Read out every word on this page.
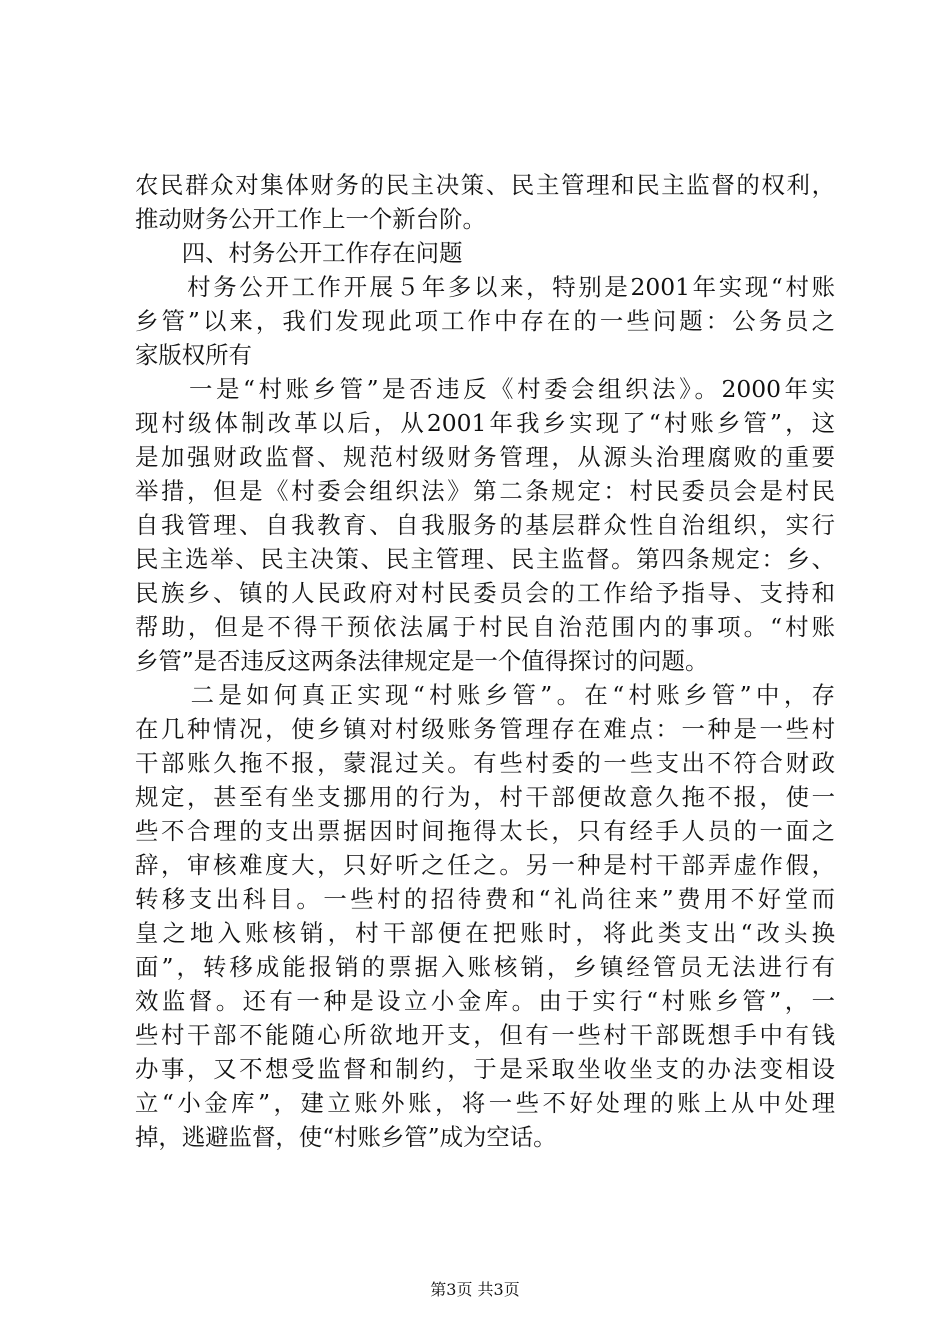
农民群众对集体财务的民主决策、民主管理和民主监督的权利，
推动财务公开工作上一个新台阶。
　　四、村务公开工作存在问题
　　村务公开工作开展５年多以来，特别是2001年实现“村账
乡管”以来，我们发现此项工作中存在的一些问题：公务员之
家版权所有
　　一是“村账乡管”是否违反《村委会组织法》。2000年实
现村级体制改革以后，从2001年我乡实现了“村账乡管”，这
是加强财政监督、规范村级财务管理，从源头治理腐败的重要
举措，但是《村委会组织法》第二条规定：村民委员会是村民
自我管理、自我教育、自我服务的基层群众性自治组织，实行
民主选举、民主决策、民主管理、民主监督。第四条规定：乡、
民族乡、镇的人民政府对村民委员会的工作给予指导、支持和
帮助，但是不得干预依法属于村民自治范围内的事项。“村账
乡管”是否违反这两条法律规定是一个值得探讨的问题。
　　二是如何真正实现“村账乡管”。在“村账乡管”中，存
在几种情况，使乡镇对村级账务管理存在难点：一种是一些村
干部账久拖不报，蒙混过关。有些村委的一些支出不符合财政
规定，甚至有坐支挪用的行为，村干部便故意久拖不报，使一
些不合理的支出票据因时间拖得太长，只有经手人员的一面之
辞，审核难度大，只好听之任之。另一种是村干部弄虚作假，
转移支出科目。一些村的招待费和“礼尚往来”费用不好堂而
皇之地入账核销，村干部便在把账时，将此类支出“改头换
面”，转移成能报销的票据入账核销，乡镇经管员无法进行有
效监督。还有一种是设立小金库。由于实行“村账乡管”，一
些村干部不能随心所欲地开支，但有一些村干部既想手中有钱
办事，又不想受监督和制约，于是采取坐收坐支的办法变相设
立“小金库”，建立账外账，将一些不好处理的账上从中处理
掉，逃避监督，使“村账乡管”成为空话。
第3页 共3页
